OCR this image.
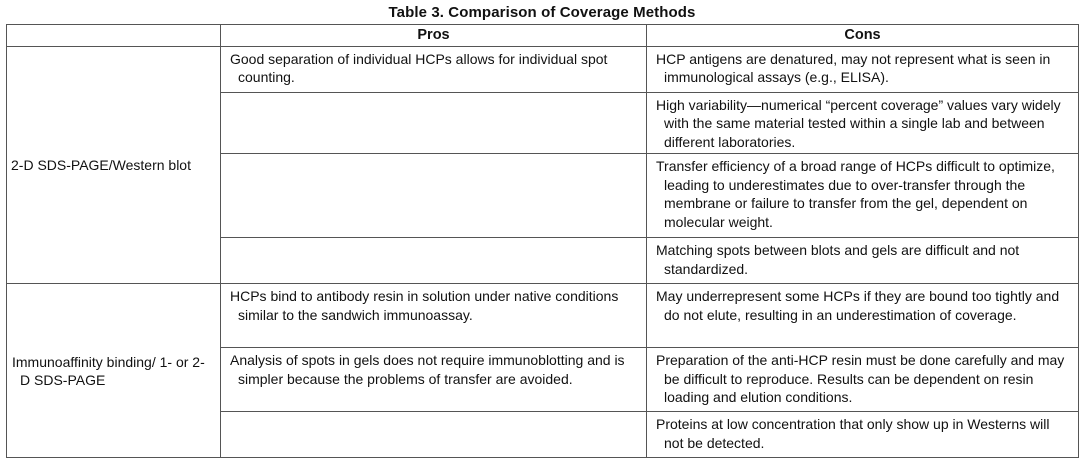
Table 3. Comparison of Coverage Methods
	Pros	Cons
2-D SDS-PAGE/Western blot	Good separation of individual HCPs allows for individual spot counting.	HCP antigens are denatured, may not represent what is seen in immunological assays (e.g., ELISA).

		High variability—numerical “percent coverage” values vary widely with the same material tested within a single lab and between different laboratories.

		Transfer efficiency of a broad range of HCPs difficult to optimize, leading to underestimates due to over-transfer through the membrane or failure to transfer from the gel, dependent on molecular weight.

		Matching spots between blots and gels are difficult and not standardized.

Immunoaffinity binding/ 1- or 2-D SDS-PAGE	HCPs bind to antibody resin in solution under native conditions similar to the sandwich immunoassay.	May underrepresent some HCPs if they are bound too tightly and do not elute, resulting in an underestimation of coverage.

	Analysis of spots in gels does not require immunoblotting and is simpler because the problems of transfer are avoided.	Preparation of the anti-HCP resin must be done carefully and may be difficult to reproduce. Results can be dependent on resin loading and elution conditions.

		Proteins at low concentration that only show up in Westerns will not be detected.
